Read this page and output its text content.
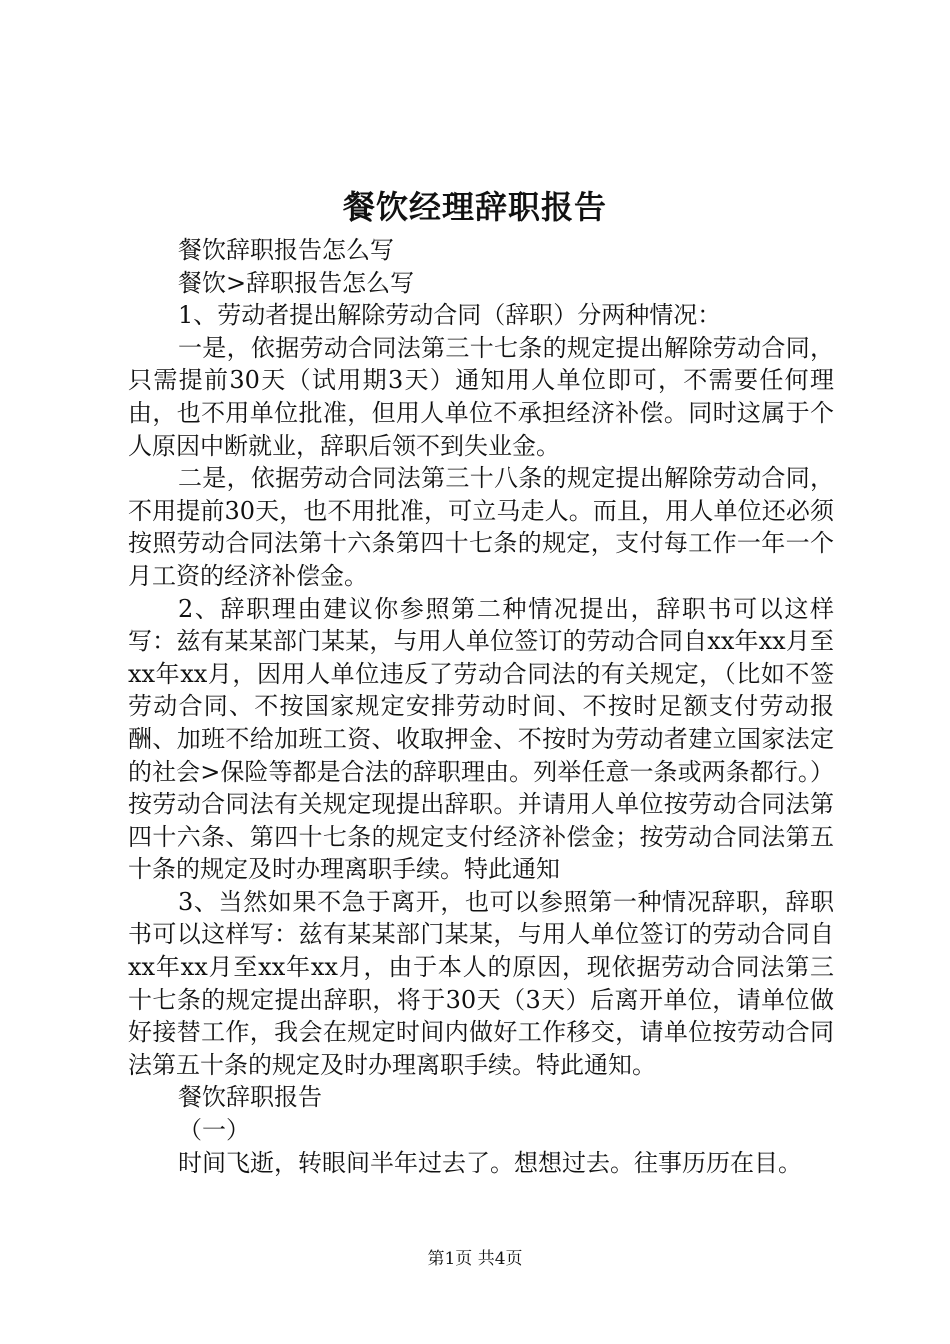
餐饮经理辞职报告

餐饮辞职报告怎么写

餐饮>辞职报告怎么写

1、劳动者提出解除劳动合同（辞职）分两种情况：

一是，依据劳动合同法第三十七条的规定提出解除劳动合同，只需提前30天（试用期3天）通知用人单位即可，不需要任何理由，也不用单位批准，但用人单位不承担经济补偿。同时这属于个人原因中断就业，辞职后领不到失业金。

二是，依据劳动合同法第三十八条的规定提出解除劳动合同，不用提前30天，也不用批准，可立马走人。而且，用人单位还必须按照劳动合同法第十六条第四十七条的规定，支付每工作一年一个月工资的经济补偿金。

2、辞职理由建议你参照第二种情况提出，辞职书可以这样写：兹有某某部门某某，与用人单位签订的劳动合同自xx年xx月至xx年xx月，因用人单位违反了劳动合同法的有关规定，（比如不签劳动合同、不按国家规定安排劳动时间、不按时足额支付劳动报酬、加班不给加班工资、收取押金、不按时为劳动者建立国家法定的社会>保险等都是合法的辞职理由。列举任意一条或两条都行。）按劳动合同法有关规定现提出辞职。并请用人单位按劳动合同法第四十六条、第四十七条的规定支付经济补偿金；按劳动合同法第五十条的规定及时办理离职手续。特此通知

3、当然如果不急于离开，也可以参照第一种情况辞职，辞职书可以这样写：兹有某某部门某某，与用人单位签订的劳动合同自xx年xx月至xx年xx月，由于本人的原因，现依据劳动合同法第三十七条的规定提出辞职，将于30天（3天）后离开单位，请单位做好接替工作，我会在规定时间内做好工作移交，请单位按劳动合同法第五十条的规定及时办理离职手续。特此通知。

餐饮辞职报告

（一）

时间飞逝，转眼间半年过去了。想想过去。往事历历在目。

第1页 共4页
